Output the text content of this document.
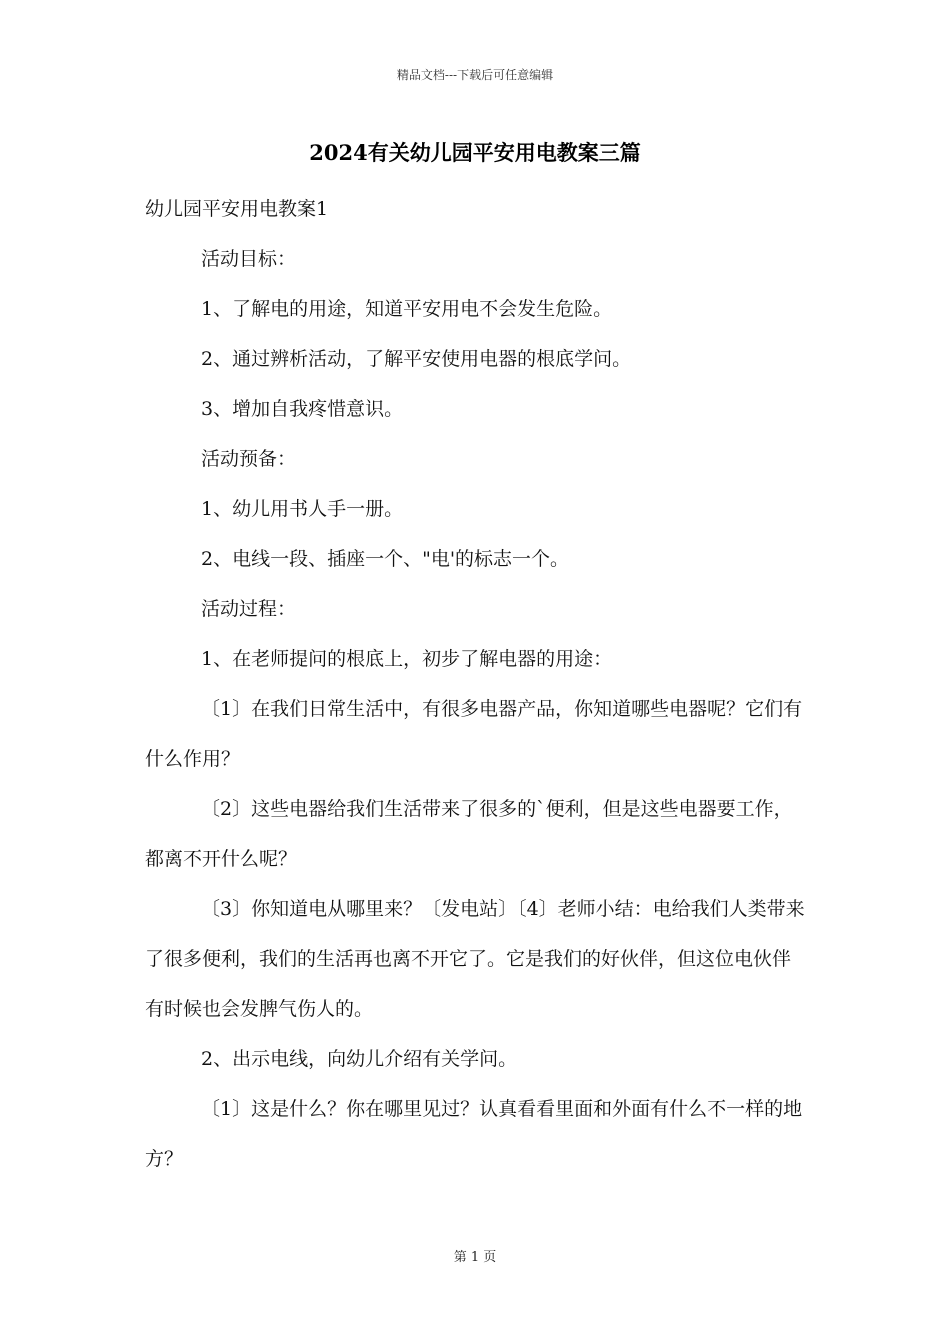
精品文档---下载后可任意编辑
2024有关幼儿园平安用电教案三篇

幼儿园平安用电教案1

活动目标：

1、了解电的用途，知道平安用电不会发生危险。

2、通过辨析活动，了解平安使用电器的根底学问。

3、增加自我疼惜意识。

活动预备：

1、幼儿用书人手一册。

2、电线一段、插座一个、"电'的标志一个。

活动过程：

1、在老师提问的根底上，初步了解电器的用途：

〔1〕在我们日常生活中，有很多电器产品，你知道哪些电器呢？它们有什么作用？

〔2〕这些电器给我们生活带来了很多的`便利，但是这些电器要工作，都离不开什么呢？

〔3〕你知道电从哪里来？〔发电站〕〔4〕老师小结：电给我们人类带来了很多便利，我们的生活再也离不开它了。它是我们的好伙伴，但这位电伙伴有时候也会发脾气伤人的。

2、出示电线，向幼儿介绍有关学问。

〔1〕这是什么？你在哪里见过？认真看看里面和外面有什么不一样的地方？

第 1 页
